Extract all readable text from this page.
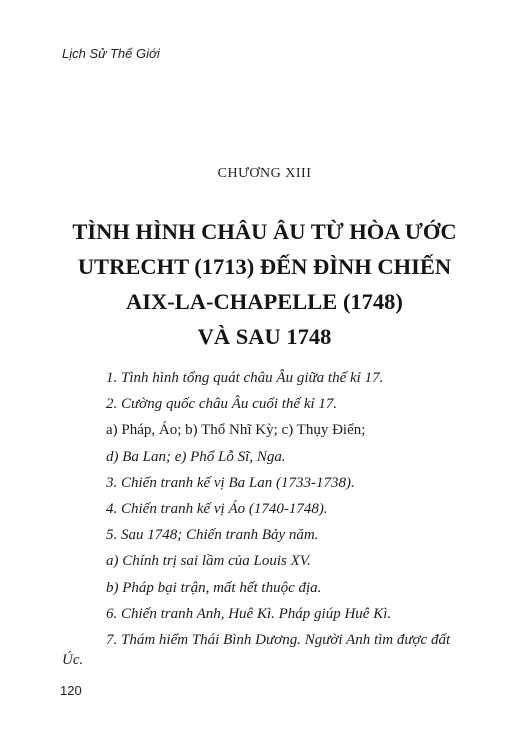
Lịch Sử Thế Giới
CHƯƠNG XIII
TÌNH HÌNH CHÂU ÂU TỪ HÒA ƯỚC
UTRECHT (1713) ĐẾN ĐÌNH CHIẾN
AIX-LA-CHAPELLE (1748)
VÀ SAU 1748
1. Tình hình tổng quát châu Âu giữa thế kỉ 17.
2. Cường quốc châu Âu cuối thế kỉ 17.
a) Pháp, Áo; b) Thổ Nhĩ Kỳ; c) Thụy Điển;
d) Ba Lan; e) Phổ Lỗ Sĩ, Nga.
3. Chiến tranh kế vị Ba Lan (1733-1738).
4. Chiến tranh kế vị Áo (1740-1748).
5. Sau 1748; Chiến tranh Bảy năm.
a) Chính trị sai lầm của Louis XV.
b) Pháp bại trận, mất hết thuộc địa.
6. Chiến tranh Anh, Huê Kì. Pháp giúp Huê Kì.
7. Thám hiểm Thái Bình Dương. Người Anh tìm được đất Úc.
120
